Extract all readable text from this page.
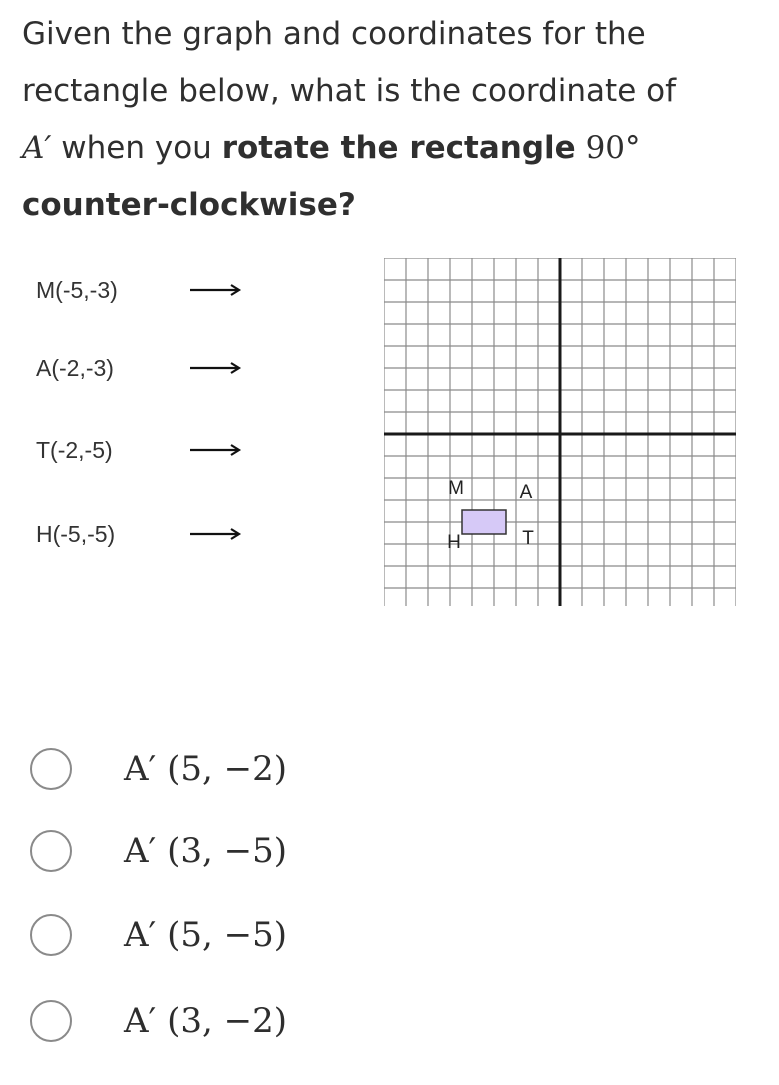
Given the graph and coordinates for the rectangle below, what is the coordinate of
A′ when you rotate the rectangle 90°
counter-clockwise?
M(-5,-3)
A(-2,-3)
T(-2,-5)
H(-5,-5)
M	A
T
H
A′ (5, −2)
A′ (3, −5)
A′ (5, −5)
A′ (3, −2)
